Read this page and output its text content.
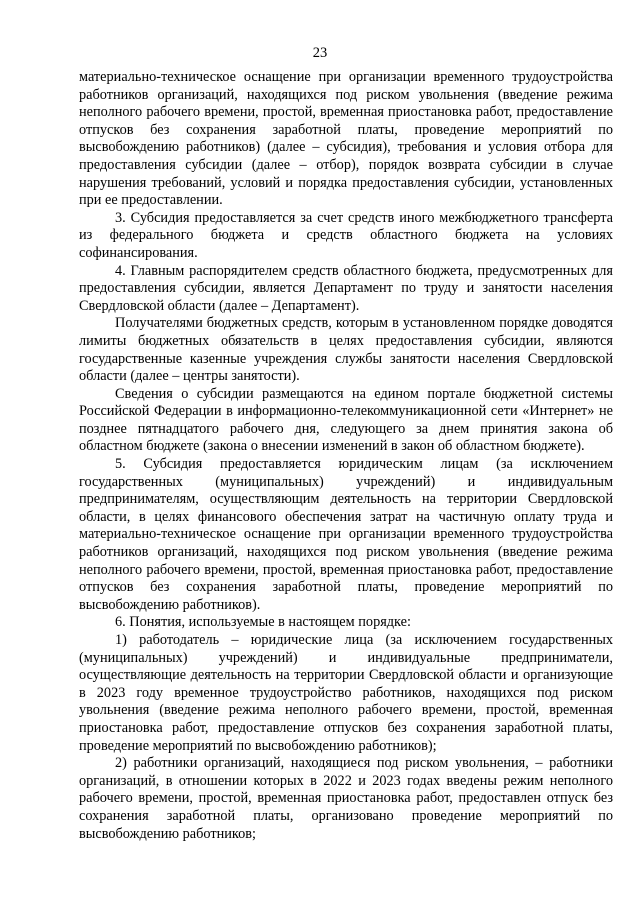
23

материально-техническое оснащение при организации временного трудоустройства работников организаций, находящихся под риском увольнения (введение режима неполного рабочего времени, простой, временная приостановка работ, предоставление отпусков без сохранения заработной платы, проведение мероприятий по высвобождению работников) (далее – субсидия), требования и условия отбора для предоставления субсидии (далее – отбор), порядок возврата субсидии в случае нарушения требований, условий и порядка предоставления субсидии, установленных при ее предоставлении.

3. Субсидия предоставляется за счет средств иного межбюджетного трансферта из федерального бюджета и средств областного бюджета на условиях софинансирования.

4. Главным распорядителем средств областного бюджета, предусмотренных для предоставления субсидии, является Департамент по труду и занятости населения Свердловской области (далее – Департамент).

Получателями бюджетных средств, которым в установленном порядке доводятся лимиты бюджетных обязательств в целях предоставления субсидии, являются государственные казенные учреждения службы занятости населения Свердловской области (далее – центры занятости).

Сведения о субсидии размещаются на едином портале бюджетной системы Российской Федерации в информационно-телекоммуникационной сети «Интернет» не позднее пятнадцатого рабочего дня, следующего за днем принятия закона об областном бюджете (закона о внесении изменений в закон об областном бюджете).

5. Субсидия предоставляется юридическим лицам (за исключением государственных (муниципальных) учреждений) и индивидуальным предпринимателям, осуществляющим деятельность на территории Свердловской области, в целях финансового обеспечения затрат на частичную оплату труда и материально-техническое оснащение при организации временного трудоустройства работников организаций, находящихся под риском увольнения (введение режима неполного рабочего времени, простой, временная приостановка работ, предоставление отпусков без сохранения заработной платы, проведение мероприятий по высвобождению работников).

6. Понятия, используемые в настоящем порядке:

1) работодатель – юридические лица (за исключением государственных (муниципальных) учреждений) и индивидуальные предприниматели, осуществляющие деятельность на территории Свердловской области и организующие в 2023 году временное трудоустройство работников, находящихся под риском увольнения (введение режима неполного рабочего времени, простой, временная приостановка работ, предоставление отпусков без сохранения заработной платы, проведение мероприятий по высвобождению работников);

2) работники организаций, находящиеся под риском увольнения, – работники организаций, в отношении которых в 2022 и 2023 годах введены режим неполного рабочего времени, простой, временная приостановка работ, предоставлен отпуск без сохранения заработной платы, организовано проведение мероприятий по высвобождению работников;
